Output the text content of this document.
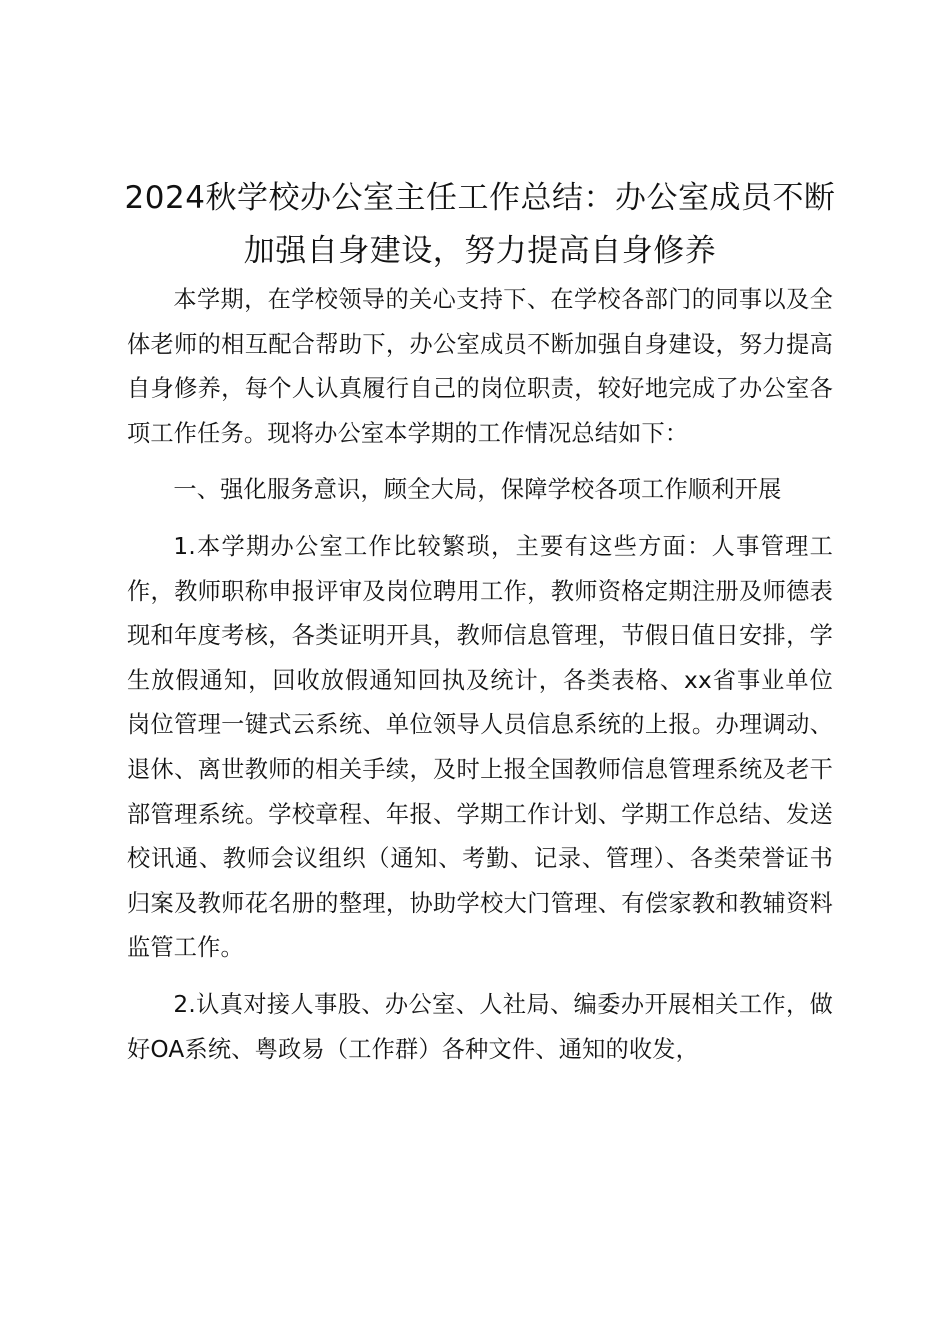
2024秋学校办公室主任工作总结：办公室成员不断加强自身建设，努力提高自身修养

本学期，在学校领导的关心支持下、在学校各部门的同事以及全体老师的相互配合帮助下，办公室成员不断加强自身建设，努力提高自身修养，每个人认真履行自己的岗位职责，较好地完成了办公室各项工作任务。现将办公室本学期的工作情况总结如下：

一、强化服务意识，顾全大局，保障学校各项工作顺利开展

1.本学期办公室工作比较繁琐，主要有这些方面：人事管理工作，教师职称申报评审及岗位聘用工作，教师资格定期注册及师德表现和年度考核，各类证明开具，教师信息管理，节假日值日安排，学生放假通知，回收放假通知回执及统计，各类表格、xx省事业单位岗位管理一键式云系统、单位领导人员信息系统的上报。办理调动、退休、离世教师的相关手续，及时上报全国教师信息管理系统及老干部管理系统。学校章程、年报、学期工作计划、学期工作总结、发送校讯通、教师会议组织（通知、考勤、记录、管理）、各类荣誉证书归案及教师花名册的整理，协助学校大门管理、有偿家教和教辅资料监管工作。

2.认真对接人事股、办公室、人社局、编委办开展相关工作，做好OA系统、粤政易（工作群）各种文件、通知的收发，
